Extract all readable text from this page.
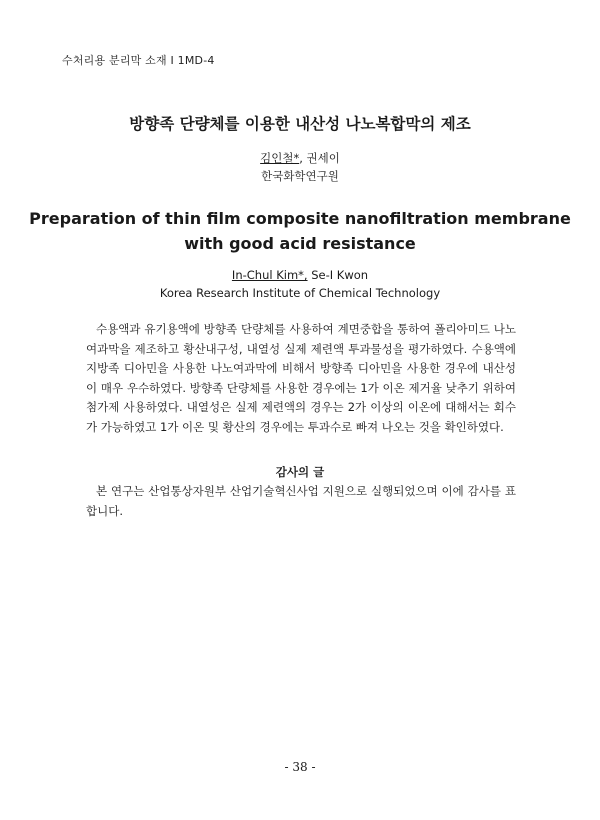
수처리용 분리막 소재 Ⅰ 1MD-4
방향족 단량체를 이용한 내산성 나노복합막의 제조
김인철*, 권세이
한국화학연구원
Preparation of thin film composite nanofiltration membrane
with good acid resistance
In-Chul Kim*, Se-I Kwon
Korea Research Institute of Chemical Technology
수용액과 유기용액에 방향족 단량체를 사용하여 계면중합을 통하여 폴리아미드 나노여과막을 제조하고 황산내구성, 내열성 실제 제련액 투과물성을 평가하였다. 수용액에 지방족 디아민을 사용한 나노여과막에 비해서 방향족 디아민을 사용한 경우에 내산성이 매우 우수하였다. 방향족 단량체를 사용한 경우에는 1가 이온 제거율 낮추기 위하여 첨가제 사용하였다. 내열성은 실제 제련액의 경우는 2가 이상의 이온에 대해서는 회수가 가능하였고 1가 이온 및 황산의 경우에는 투과수로 빠져 나오는 것을 확인하였다.
감사의 글
본 연구는 산업통상자원부 산업기술혁신사업 지원으로 실행되었으며 이에 감사를 표합니다.
- 38 -
